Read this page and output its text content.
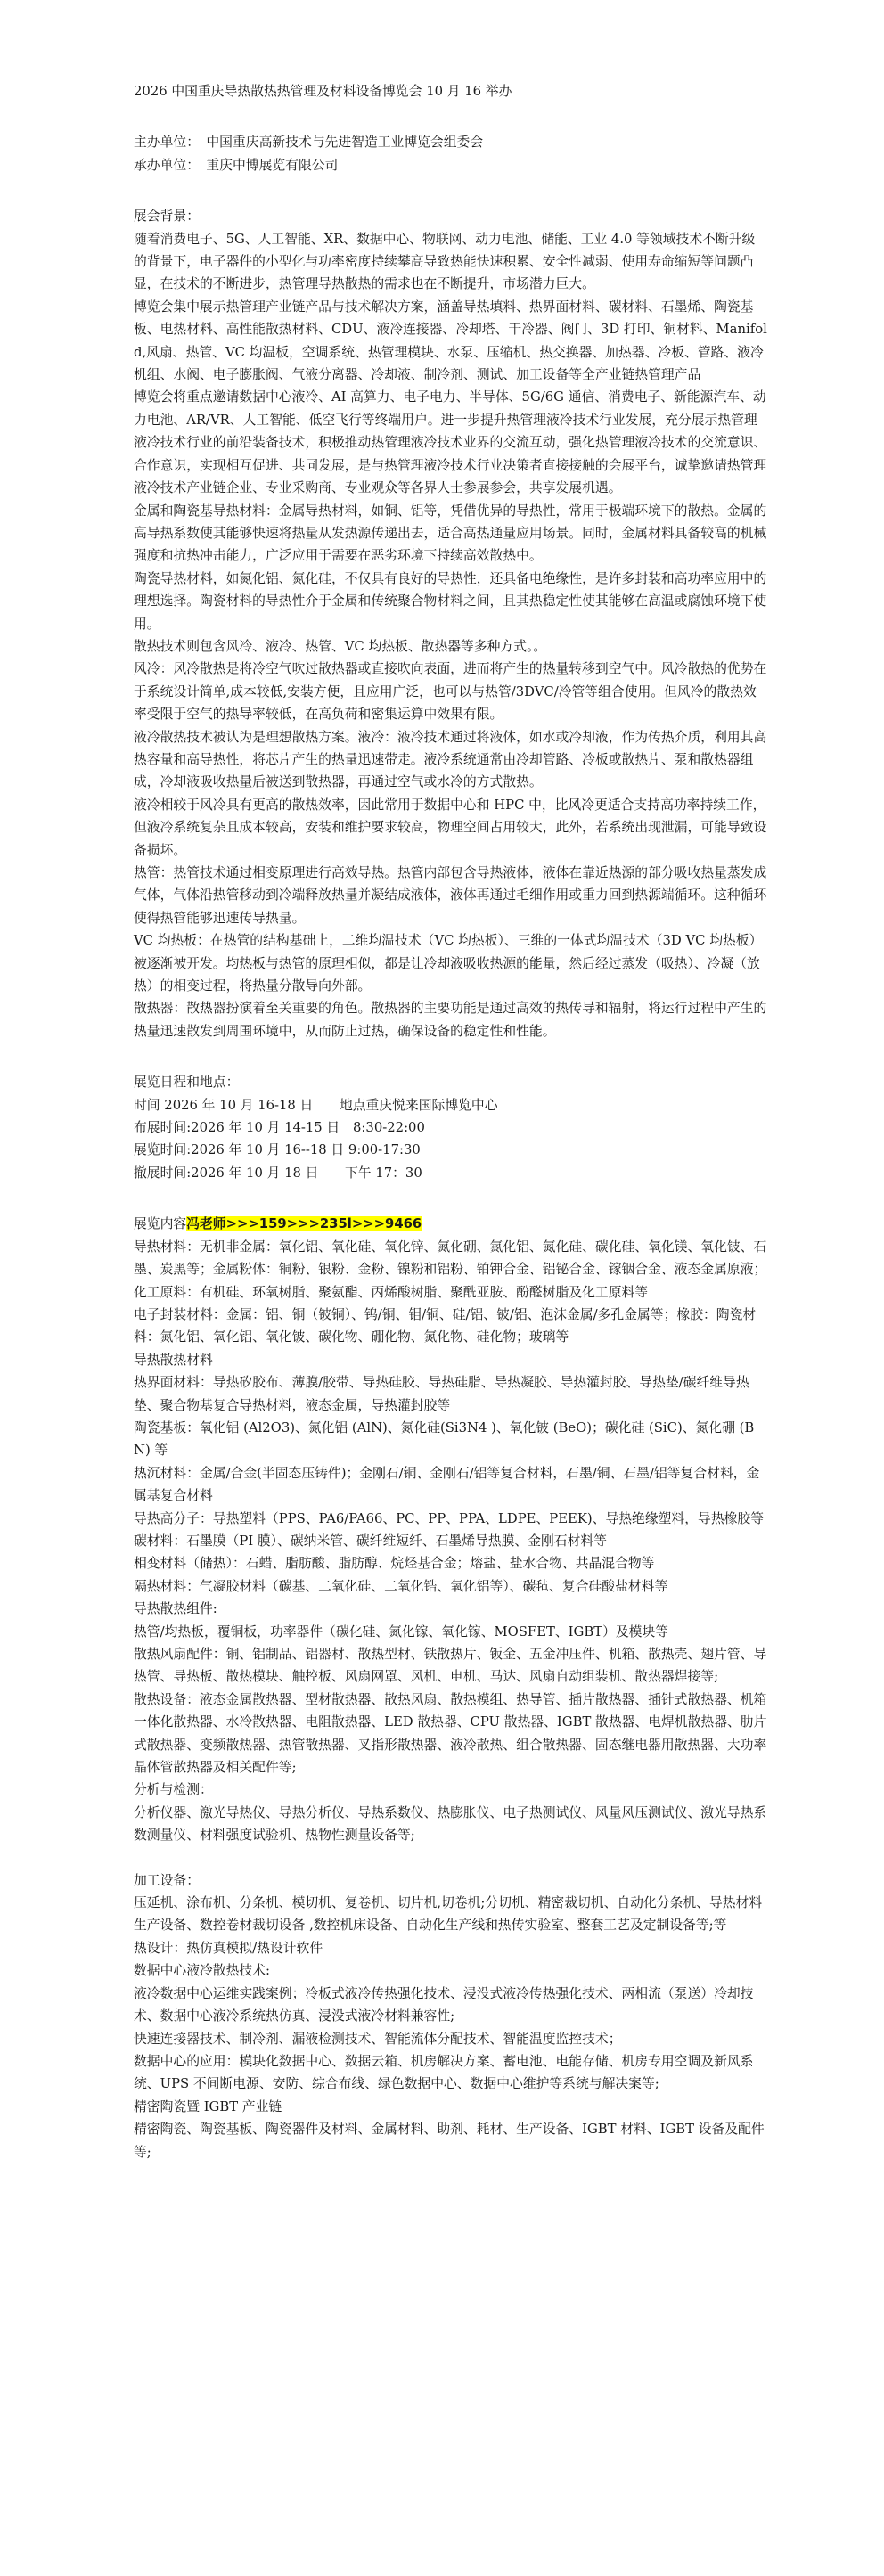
2026 中国重庆导热散热热管理及材料设备博览会 10 月 16 举办

主办单位：　中国重庆高新技术与先进智造工业博览会组委会

承办单位：　重庆中博展览有限公司

展会背景：

随着消费电子、5G、人工智能、XR、数据中心、物联网、动力电池、储能、工业 4.0 等领域技术不断升级的背景下，电子器件的小型化与功率密度持续攀高导致热能快速积累、安全性减弱、使用寿命缩短等问题凸显，在技术的不断进步，热管理导热散热的需求也在不断提升，市场潜力巨大。

博览会集中展示热管理产业链产品与技术解决方案，涵盖导热填料、热界面材料、碳材料、石墨烯、陶瓷基板、电热材料、高性能散热材料、CDU、液冷连接器、冷却塔、干冷器、阀门、3D 打印、铜材料、Manifold,风扇、热管、VC 均温板，空调系统、热管理模块、水泵、压缩机、热交换器、加热器、冷板、管路、液冷机组、水阀、电子膨胀阀、气液分离器、冷却液、制冷剂、测试、加工设备等全产业链热管理产品

博览会将重点邀请数据中心液冷、AI 高算力、电子电力、半导体、5G/6G 通信、消费电子、新能源汽车、动力电池、AR/VR、人工智能、低空飞行等终端用户。进一步提升热管理液冷技术行业发展，充分展示热管理液冷技术行业的前沿装备技术，积极推动热管理液冷技术业界的交流互动，强化热管理液冷技术的交流意识、合作意识，实现相互促进、共同发展，是与热管理液冷技术行业决策者直接接触的会展平台，诚挚邀请热管理液冷技术产业链企业、专业采购商、专业观众等各界人士参展参会，共享发展机遇。

金属和陶瓷基导热材料：金属导热材料，如铜、铝等，凭借优异的导热性，常用于极端环境下的散热。金属的高导热系数使其能够快速将热量从发热源传递出去，适合高热通量应用场景。同时，金属材料具备较高的机械强度和抗热冲击能力，广泛应用于需要在恶劣环境下持续高效散热中。

陶瓷导热材料，如氮化铝、氮化硅，不仅具有良好的导热性，还具备电绝缘性，是许多封装和高功率应用中的理想选择。陶瓷材料的导热性介于金属和传统聚合物材料之间，且其热稳定性使其能够在高温或腐蚀环境下使用。

散热技术则包含风冷、液冷、热管、VC 均热板、散热器等多种方式。。

风冷：风冷散热是将冷空气吹过散热器或直接吹向表面，进而将产生的热量转移到空气中。风冷散热的优势在于系统设计简单,成本较低,安装方便，且应用广泛，也可以与热管/3DVC/冷管等组合使用。但风冷的散热效率受限于空气的热导率较低，在高负荷和密集运算中效果有限。

液冷散热技术被认为是理想散热方案。液冷：液冷技术通过将液体，如水或冷却液，作为传热介质，利用其高热容量和高导热性，将芯片产生的热量迅速带走。液冷系统通常由冷却管路、冷板或散热片、泵和散热器组成，冷却液吸收热量后被送到散热器，再通过空气或水冷的方式散热。

液冷相较于风冷具有更高的散热效率，因此常用于数据中心和 HPC 中，比风冷更适合支持高功率持续工作，但液冷系统复杂且成本较高，安装和维护要求较高，物理空间占用较大，此外，若系统出现泄漏，可能导致设备损坏。

热管：热管技术通过相变原理进行高效导热。热管内部包含导热液体，液体在靠近热源的部分吸收热量蒸发成气体，气体沿热管移动到冷端释放热量并凝结成液体，液体再通过毛细作用或重力回到热源端循环。这种循环使得热管能够迅速传导热量。

VC 均热板：在热管的结构基础上，二维均温技术（VC 均热板）、三维的一体式均温技术（3D VC 均热板）被逐渐被开发。均热板与热管的原理相似，都是让冷却液吸收热源的能量，然后经过蒸发（吸热）、冷凝（放热）的相变过程，将热量分散导向外部。

散热器：散热器扮演着至关重要的角色。散热器的主要功能是通过高效的热传导和辐射，将运行过程中产生的热量迅速散发到周围环境中，从而防止过热，确保设备的稳定性和性能。

展览日程和地点：

时间 2026 年 10 月 16-18 日　　地点重庆悦来国际博览中心

布展时间:2026 年 10 月 14-15 日　8:30-22:00

展览时间:2026 年 10 月 16--18 日 9:00-17:30

撤展时间:2026 年 10 月 18 日　　下午 17：30

展览内容冯老师>>>159>>>235l>>>9466

导热材料：无机非金属：氧化铝、氧化硅、氧化锌、氮化硼、氮化铝、氮化硅、碳化硅、氧化镁、氧化铍、石墨、炭黑等；金属粉体：铜粉、银粉、金粉、镍粉和铝粉、铂钾合金、铝铋合金、镓铟合金、液态金属原液；化工原料：有机硅、环氧树脂、聚氨酯、丙烯酸树脂、聚酰亚胺、酚醛树脂及化工原料等

电子封装材料：金属：铝、铜（铍铜）、钨/铜、钼/铜、硅/铝、铍/铝、泡沫金属/多孔金属等；橡胶：陶瓷材料：氮化铝、氧化铝、氧化铍、碳化物、硼化物、氮化物、硅化物；玻璃等

导热散热材料

热界面材料：导热矽胶布、薄膜/胶带、导热硅胶、导热硅脂、导热凝胶、导热灌封胶、导热垫/碳纤维导热垫、聚合物基复合导热材料，液态金属，导热灌封胶等

陶瓷基板：氧化铝 (Al2O3)、氮化铝 (AlN)、氮化硅(Si3N4 )、氧化铍 (BeO)；碳化硅 (SiC)、氮化硼 (BN) 等

热沉材料：金属/合金(半固态压铸件)；金刚石/铜、金刚石/铝等复合材料，石墨/铜、石墨/铝等复合材料，金属基复合材料

导热高分子：导热塑料（PPS、PA6/PA66、PC、PP、PPA、LDPE、PEEK)、导热绝缘塑料，导热橡胶等

碳材料：石墨膜（PI 膜）、碳纳米管、碳纤维短纤、石墨烯导热膜、金刚石材料等

相变材料（储热）：石蜡、脂肪酸、脂肪醇、烷烃基合金；熔盐、盐水合物、共晶混合物等

隔热材料：气凝胶材料（碳基、二氧化硅、二氧化锆、氧化铝等）、碳毡、复合硅酸盐材料等

导热散热组件:

热管/均热板，覆铜板，功率器件（碳化硅、氮化镓、氧化镓、MOSFET、IGBT）及模块等

散热风扇配件：铜、铝制品、铝器材、散热型材、铁散热片、钣金、五金冲压件、机箱、散热壳、翅片管、导热管、导热板、散热模块、触控板、风扇网罩、风机、电机、马达、风扇自动组装机、散热器焊接等;

散热设备：液态金属散热器、型材散热器、散热风扇、散热模组、热导管、插片散热器、插针式散热器、机箱一体化散热器、水冷散热器、电阻散热器、LED 散热器、CPU 散热器、IGBT 散热器、电焊机散热器、肋片式散热器、变频散热器、热管散热器、叉指形散热器、液冷散热、组合散热器、固态继电器用散热器、大功率晶体管散热器及相关配件等;

分析与检测：

分析仪器、激光导热仪、导热分析仪、导热系数仪、热膨胀仪、电子热测试仪、风量风压测试仪、激光导热系数测量仪、材料强度试验机、热物性测量设备等;

加工设备：

压延机、涂布机、分条机、模切机、复卷机、切片机,切卷机;分切机、精密裁切机、自动化分条机、导热材料生产设备、数控卷材裁切设备 ,数控机床设备、自动化生产线和热传实验室、整套工艺及定制设备等;等

热设计：热仿真模拟/热设计软件

数据中心液冷散热技术:

液冷数据中心运维实践案例；冷板式液冷传热强化技术、浸没式液冷传热强化技术、两相流（泵送）冷却技术、数据中心液冷系统热仿真、浸没式液冷材料兼容性;

快速连接器技术、制冷剂、漏液检测技术、智能流体分配技术、智能温度监控技术；

数据中心的应用：模块化数据中心、数据云箱、机房解决方案、蓄电池、电能存储、机房专用空调及新风系统、UPS 不间断电源、安防、综合布线、绿色数据中心、数据中心维护等系统与解决案等;

精密陶瓷暨 IGBT 产业链

精密陶瓷、陶瓷基板、陶瓷器件及材料、金属材料、助剂、耗材、生产设备、IGBT 材料、IGBT 设备及配件等;
